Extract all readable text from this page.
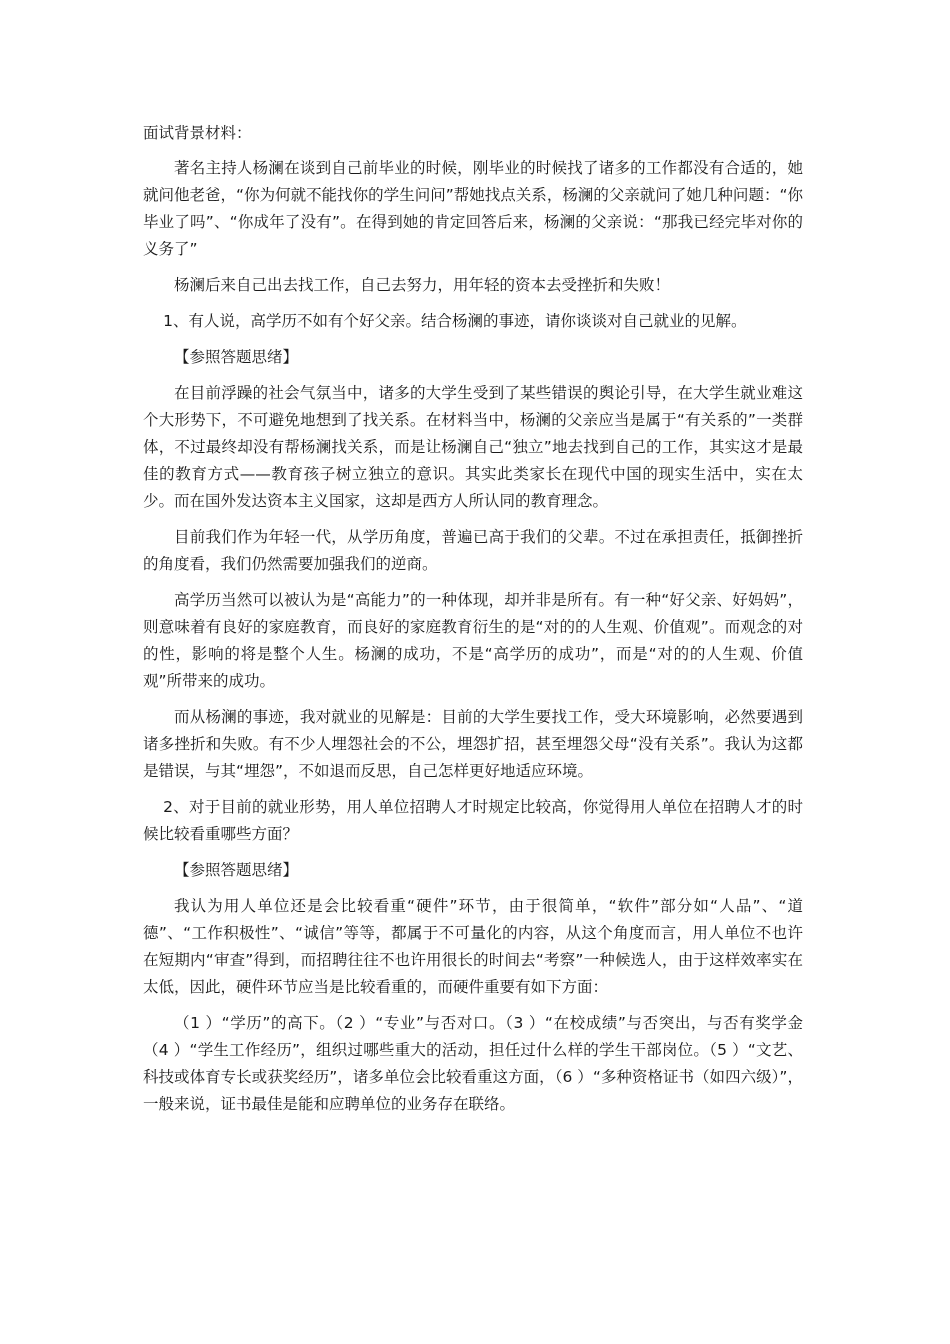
面试背景材料：

著名主持人杨澜在谈到自己前毕业的时候，刚毕业的时候找了诸多的工作都没有合适的，她就问他老爸，“你为何就不能找你的学生问问”帮她找点关系，杨澜的父亲就问了她几种问题：“你毕业了吗”、“你成年了没有”。在得到她的肯定回答后来，杨澜的父亲说：“那我已经完毕对你的义务了”

杨澜后来自己出去找工作，自己去努力，用年轻的资本去受挫折和失败！

1、有人说，高学历不如有个好父亲。结合杨澜的事迹，请你谈谈对自己就业的见解。

【参照答题思绪】

在目前浮躁的社会气氛当中，诸多的大学生受到了某些错误的舆论引导，在大学生就业难这个大形势下，不可避免地想到了找关系。在材料当中，杨澜的父亲应当是属于“有关系的”一类群体，不过最终却没有帮杨澜找关系，而是让杨澜自己“独立”地去找到自己的工作，其实这才是最佳的教育方式——教育孩子树立独立的意识。其实此类家长在现代中国的现实生活中，实在太少。而在国外发达资本主义国家，这却是西方人所认同的教育理念。

目前我们作为年轻一代，从学历角度，普遍已高于我们的父辈。不过在承担责任，抵御挫折的角度看，我们仍然需要加强我们的逆商。

高学历当然可以被认为是“高能力”的一种体现，却并非是所有。有一种“好父亲、好妈妈”，则意味着有良好的家庭教育，而良好的家庭教育衍生的是“对的的人生观、价值观”。而观念的对的性，影响的将是整个人生。杨澜的成功，不是“高学历的成功”，而是“对的的人生观、价值观”所带来的成功。

而从杨澜的事迹，我对就业的见解是：目前的大学生要找工作，受大环境影响，必然要遇到诸多挫折和失败。有不少人埋怨社会的不公，埋怨扩招，甚至埋怨父母“没有关系”。我认为这都是错误，与其“埋怨”，不如退而反思，自己怎样更好地适应环境。

2、对于目前的就业形势，用人单位招聘人才时规定比较高，你觉得用人单位在招聘人才的时候比较看重哪些方面？

【参照答题思绪】

我认为用人单位还是会比较看重“硬件”环节，由于很简单，“软件”部分如“人品”、“道德”、“工作积极性”、“诚信”等等，都属于不可量化的内容，从这个角度而言，用人单位不也许在短期内“审查”得到，而招聘往往不也许用很长的时间去“考察”一种候选人，由于这样效率实在太低，因此，硬件环节应当是比较看重的，而硬件重要有如下方面：

（1 ）“学历”的高下。（2 ）“专业”与否对口。（3 ）“在校成绩”与否突出，与否有奖学金（4 ）“学生工作经历”，组织过哪些重大的活动，担任过什么样的学生干部岗位。（5 ）“文艺、科技或体育专长或获奖经历”，诸多单位会比较看重这方面，（6 ）“多种资格证书（如四六级）”，一般来说，证书最佳是能和应聘单位的业务存在联络。
